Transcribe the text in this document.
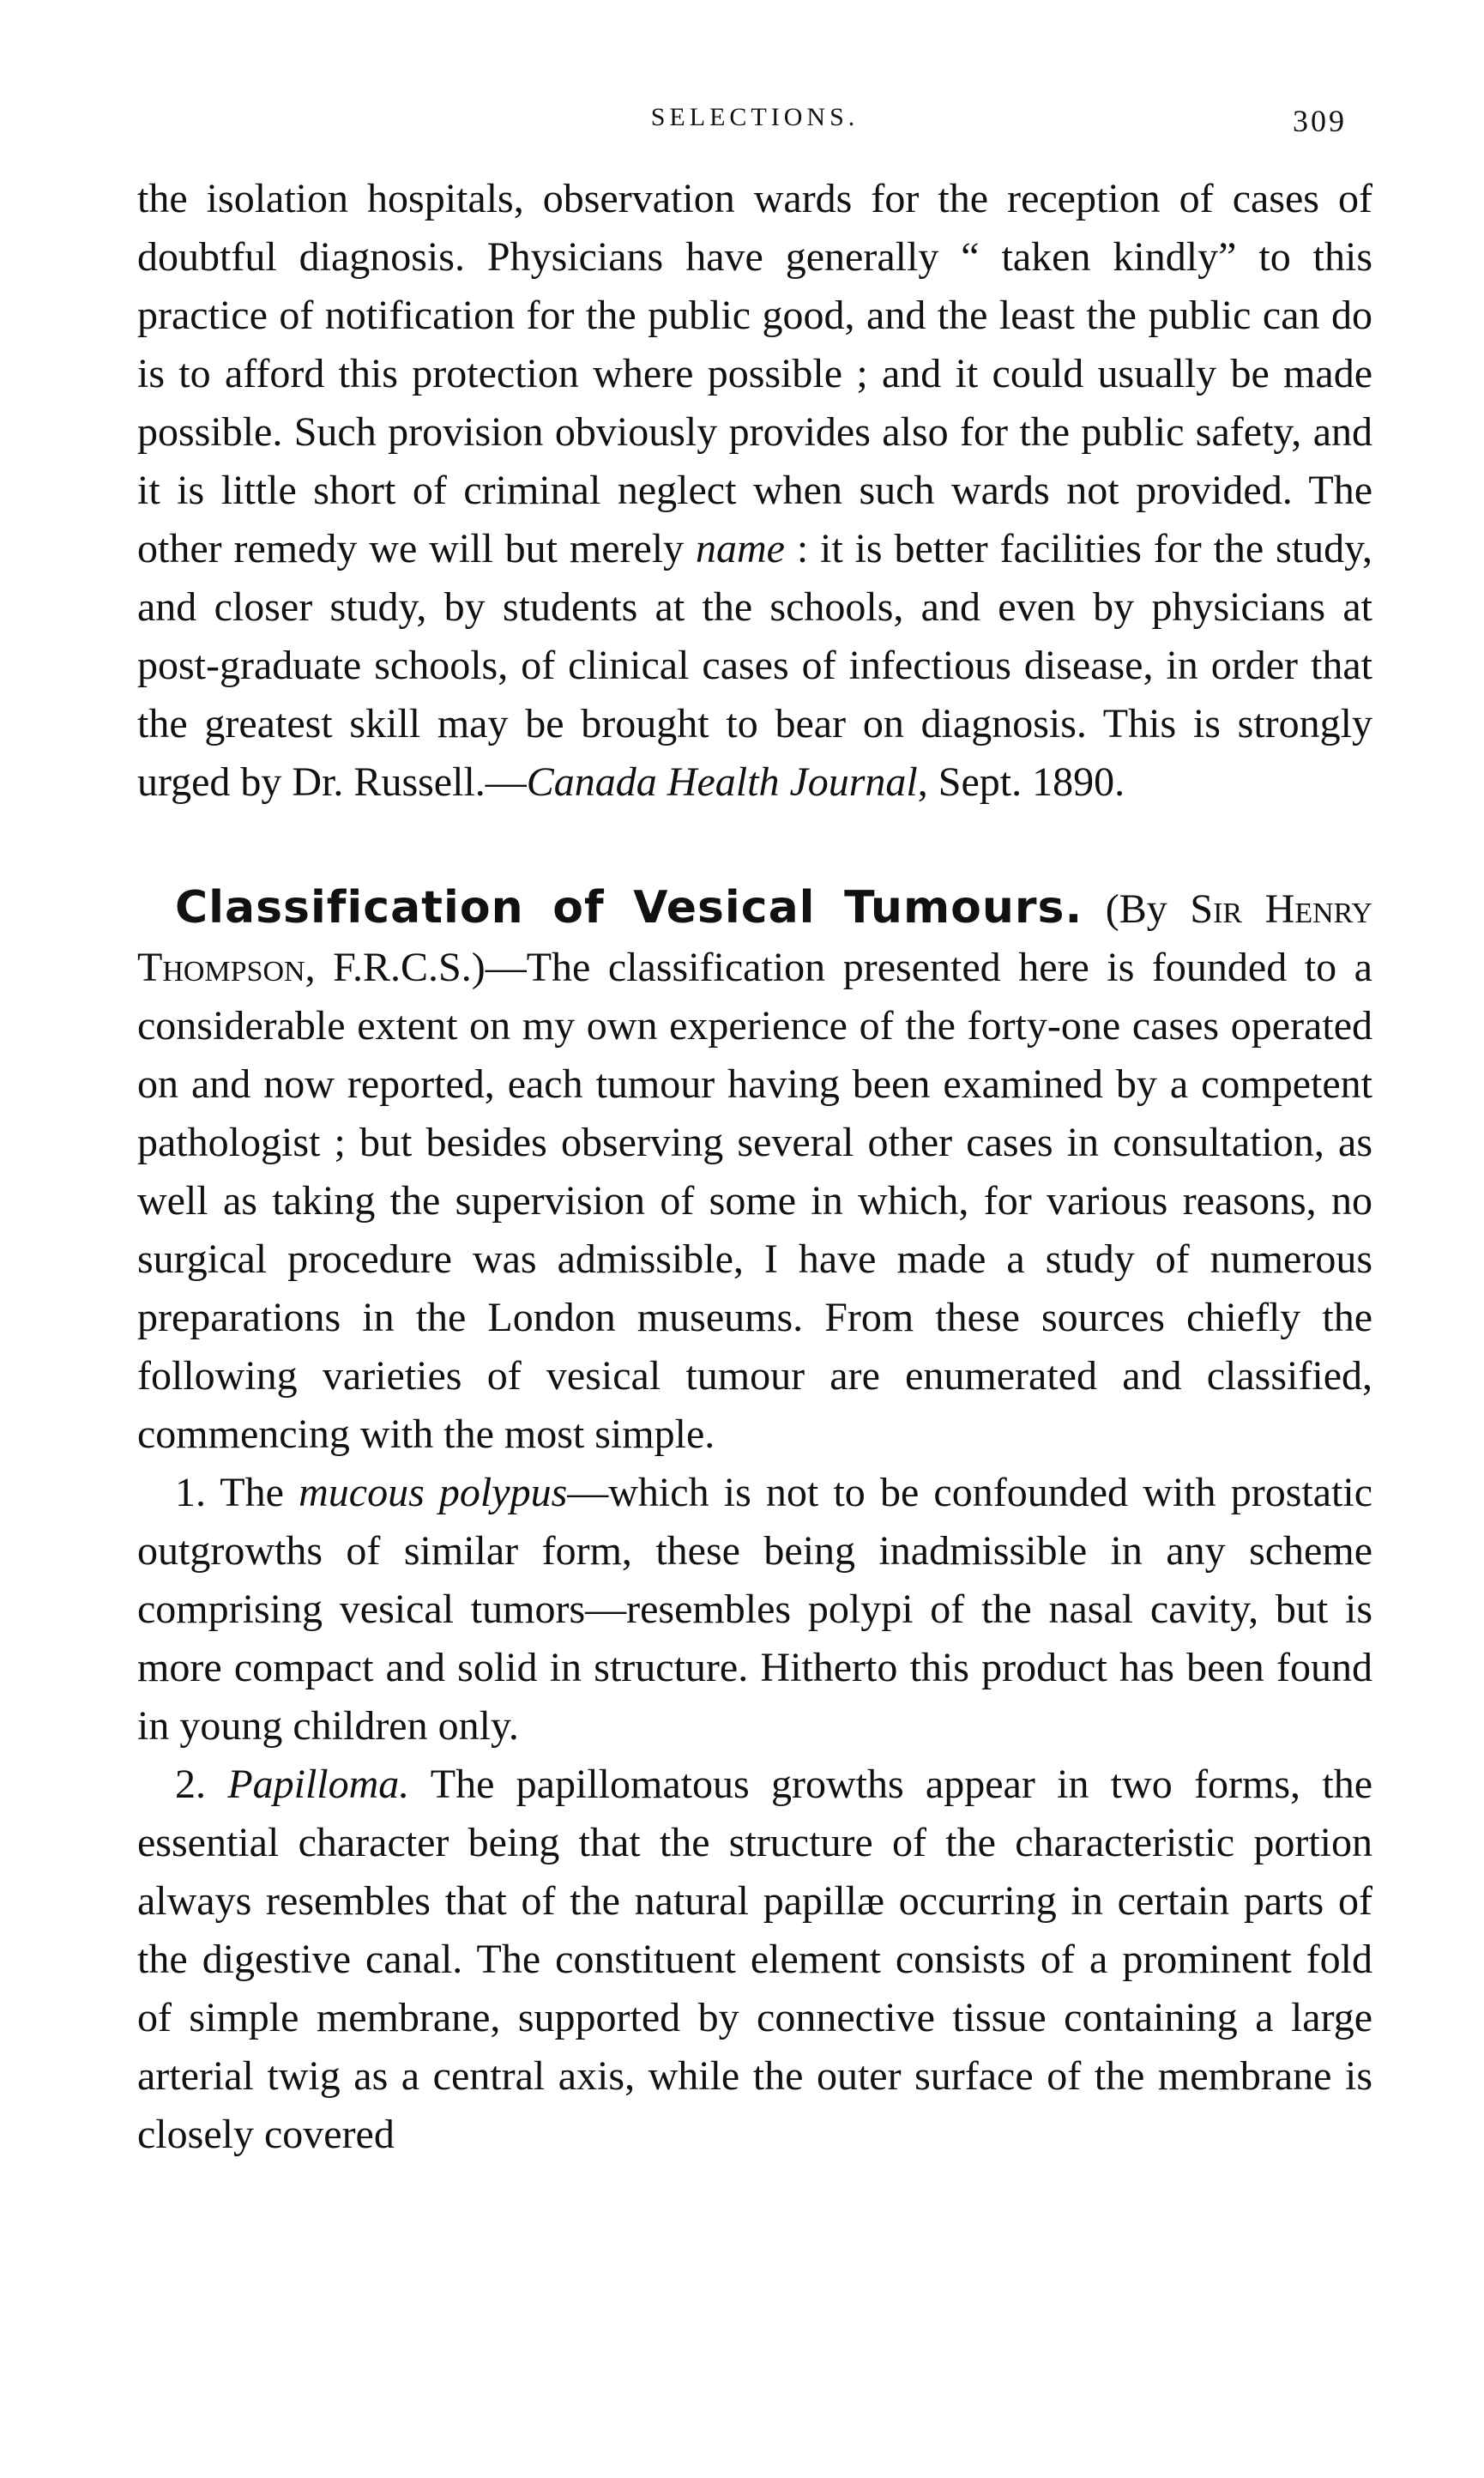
SELECTIONS.	309

the isolation hospitals, observation wards for the reception of cases of doubtful diagnosis. Physicians have generally “ taken kindly” to this practice of notification for the public good, and the least the public can do is to afford this protection where possible ; and it could usually be made possible. Such provision obviously provides also for the public safety, and it is little short of criminal neglect when such wards not provided. The other remedy we will but merely name : it is better facilities for the study, and closer study, by students at the schools, and even by physicians at post-graduate schools, of clinical cases of infectious disease, in order that the greatest skill may be brought to bear on diagnosis. This is strongly urged by Dr. Russell.—Canada Health Journal, Sept. 1890.

Classification of Vesical Tumours. (By Sir Henry Thompson, F.R.C.S.)—The classification presented here is founded to a considerable extent on my own experience of the forty-one cases operated on and now reported, each tumour having been examined by a competent pathologist ; but besides observing several other cases in consultation, as well as taking the supervision of some in which, for various reasons, no surgical procedure was admissible, I have made a study of numerous preparations in the London museums. From these sources chiefly the following varieties of vesical tumour are enumerated and classified, commencing with the most simple.

1. The mucous polypus—which is not to be confounded with prostatic outgrowths of similar form, these being inadmissible in any scheme comprising vesical tumors—resembles polypi of the nasal cavity, but is more compact and solid in structure. Hitherto this product has been found in young children only.

2. Papilloma. The papillomatous growths appear in two forms, the essential character being that the structure of the characteristic portion always resembles that of the natural papillæ occurring in certain parts of the digestive canal. The constituent element consists of a prominent fold of simple membrane, supported by connective tissue containing a large arterial twig as a central axis, while the outer surface of the membrane is closely covered
